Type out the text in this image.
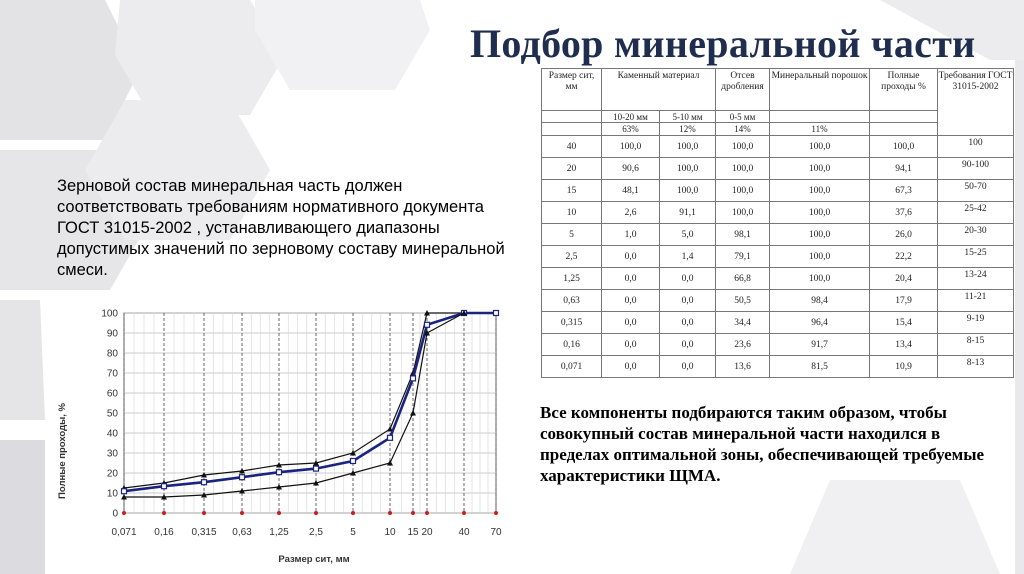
Подбор минеральной части
Зерновой состав минеральная часть должен соответствовать требованиям нормативного документа ГОСТ 31015-2002 , устанавливающего диапазоны допустимых значений по зерновому составу минеральной смеси.
Все компоненты подбираются таким образом, чтобы совокупный состав минеральной части находился в пределах оптимальной зоны, обеспечивающей требуемые характеристики ЩМА.
Размер сит, мм	Каменный материал		Отсев дробления	Минеральный порошок	Полные проходы %	Требования ГОСТ 31015-2002
	10-20 мм	5-10 мм	0-5 мм			
	63%	12%	14%	11%		
40	100,0	100,0	100,0	100,0	100,0	100
20	90,6	100,0	100,0	100,0	94,1	90-100
15	48,1	100,0	100,0	100,0	67,3	50-70
10	2,6	91,1	100,0	100,0	37,6	25-42
5	1,0	5,0	98,1	100,0	26,0	20-30
2,5	0,0	1,4	79,1	100,0	22,2	15-25
1,25	0,0	0,0	66,8	100,0	20,4	13-24
0,63	0,0	0,0	50,5	98,4	17,9	11-21
0,315	0,0	0,0	34,4	96,4	15,4	9-19
0,16	0,0	0,0	23,6	91,7	13,4	8-15
0,071	0,0	0,0	13,6	81,5	10,9	8-13
0
10
20
30
40
50
60
70
80
90
100
0,071 0,16 0,315 0,63 1,25 2,5	5	10 15 20	40 70
Размер сит, мм
Полные проходы, %
